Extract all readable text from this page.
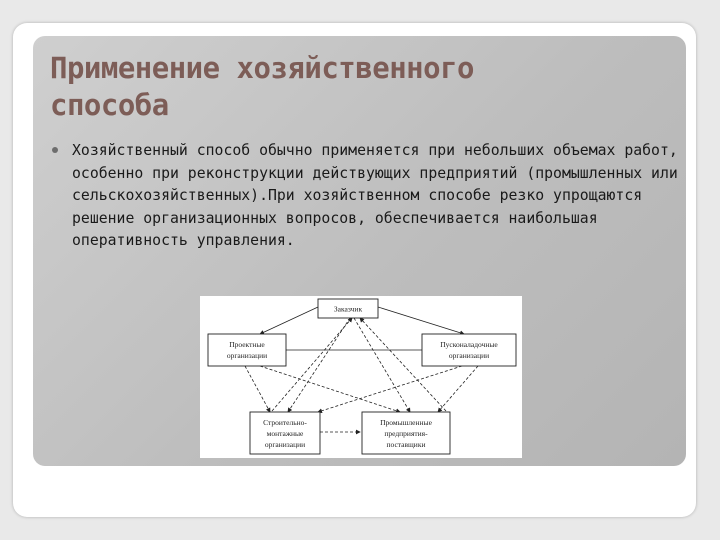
Применение хозяйственного
способа

Хозяйственный способ обычно применяется при небольших объемах работ, особенно при реконструкции действующих предприятий (промышленных или сельскохозяйственных).При хозяйственном способе резко упрощаются решение организационных вопросов, обеспечивается наибольшая оперативность управления.

Заказчик
Проектные
организации
Пусконаладочные
организации
Строительно-
монтажные
организации
Промышленные
предприятия-
поставщики
